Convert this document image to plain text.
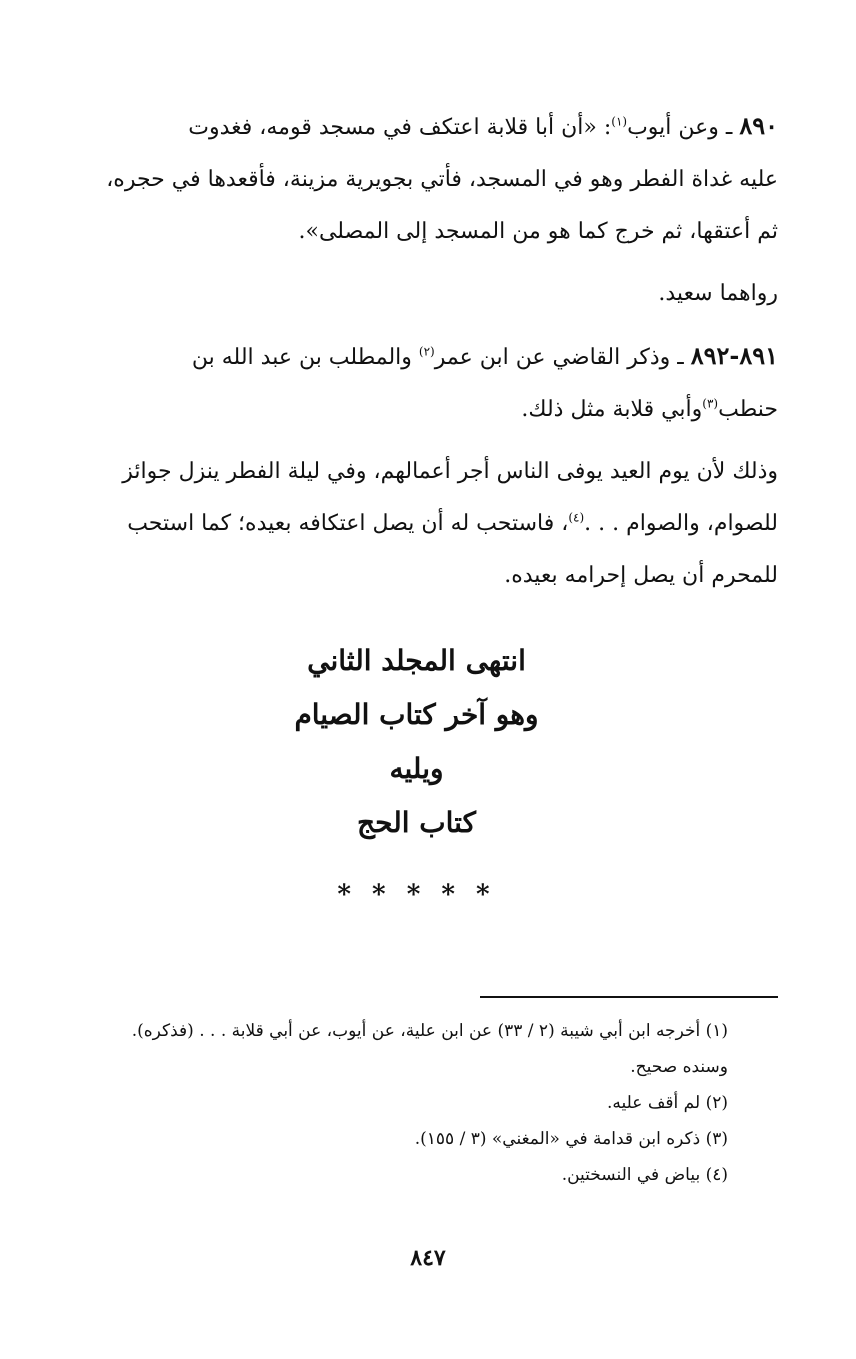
٨٩٠ ـ وعن أيوب$^{(١)}$: «أن أبا قلابة اعتكف في مسجد قومه، فغدوت

عليه غداة الفطر وهو في المسجد، فأتي بجويرية مزينة، فأقعدها في حجره،

ثم أعتقها، ثم خرج كما هو من المسجد إلى المصلى».

رواهما سعيد.

٨٩١-٨٩٢ ـ وذكر القاضي عن ابن عمر$^{(٢)}$ والمطلب بن عبد الله بن

حنطب$^{(٣)}$وأبي قلابة مثل ذلك.

وذلك لأن يوم العيد يوفى الناس أجر أعمالهم، وفي ليلة الفطر ينزل جوائز

للصوام، والصوام . . .$^{(٤)}$، فاستحب له أن يصل اعتكافه بعيده؛ كما استحب

للمحرم أن يصل إحرامه بعيده.

انتهى المجلد الثاني
وهو آخر كتاب الصيام
ويليه
كتاب الحج
* * * * *
(١) أخرجه ابن أبي شيبة (٢ / ٣٣) عن ابن علية، عن أيوب، عن أبي قلابة . . . (فذكره).
وسنده صحيح.
(٢) لم أقف عليه.
(٣) ذكره ابن قدامة في «المغني» (٣ / ١٥٥).
(٤) بياض في النسختين.
٨٤٧
